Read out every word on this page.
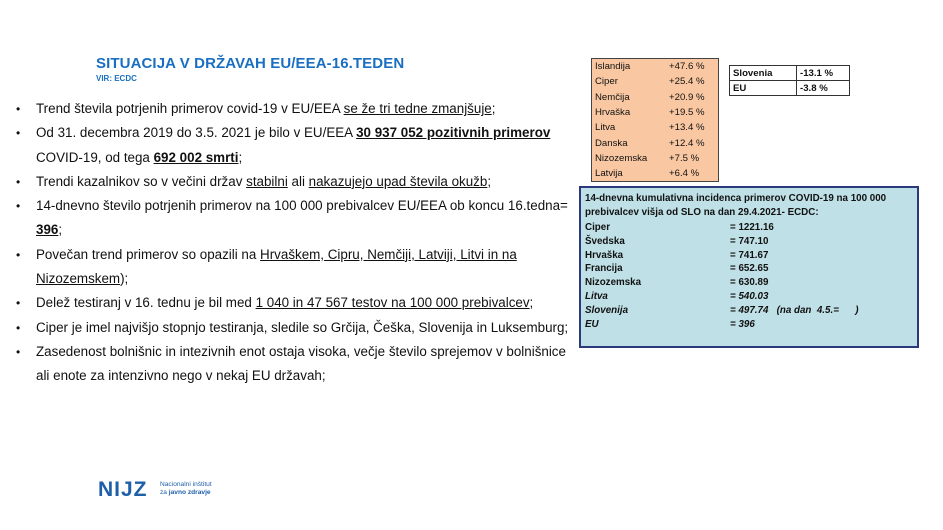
SITUACIJA V DRŽAVAH EU/EEA-16.TEDEN
VIR: ECDC
• Trend števila potrjenih primerov covid-19 v EU/EEA se že tri tedne zmanjšuje;
• Od 31. decembra 2019 do 3.5. 2021 je bilo v EU/EEA 30 937 052 pozitivnih primerov COVID-19, od tega 692 002 smrti;
• Trendi kazalnikov so v večini držav stabilni ali nakazujejo upad števila okužb;
• 14-dnevno število potrjenih primerov na 100 000 prebivalcev EU/EEA ob koncu 16.tedna= 396;
• Povečan trend primerov so opazili na Hrvaškem, Cipru, Nemčiji, Latviji, Litvi in na Nizozemskem);
• Delež testiranj v 16. tednu je bil med 1 040 in 47 567 testov na 100 000 prebivalcev;
• Ciper je imel najvišjo stopnjo testiranja, sledile so Grčija, Češka, Slovenija in Luksemburg;
• Zasedenost bolnišnic in intezivnih enot ostaja visoka, večje število sprejemov v bolnišnice ali enote za intenzivno nego v nekaj EU državah;
Islandija	+47.6 %
Ciper	+25.4 %
Nemčija	+20.9 %
Hrvaška	+19.5 %
Litva	+13.4 %
Danska	+12.4 %
Nizozemska	+7.5 %
Latvija	+6.4 %
Slovenia	-13.1 %
EU	-3.8 %
14-dnevna kumulativna incidenca primerov COVID-19 na 100 000 prebivalcev višja od SLO na dan 29.4.2021- ECDC:
Ciper	= 1221.16
Švedska	= 747.10
Hrvaška	= 741.67
Francija	= 652.65
Nizozemska	= 630.89
Litva	= 540.03
Slovenija	= 497.74   (na dan  4.5.=      )
EU	= 396
NIJZ Nacionalni inštitut
za javno zdravje
